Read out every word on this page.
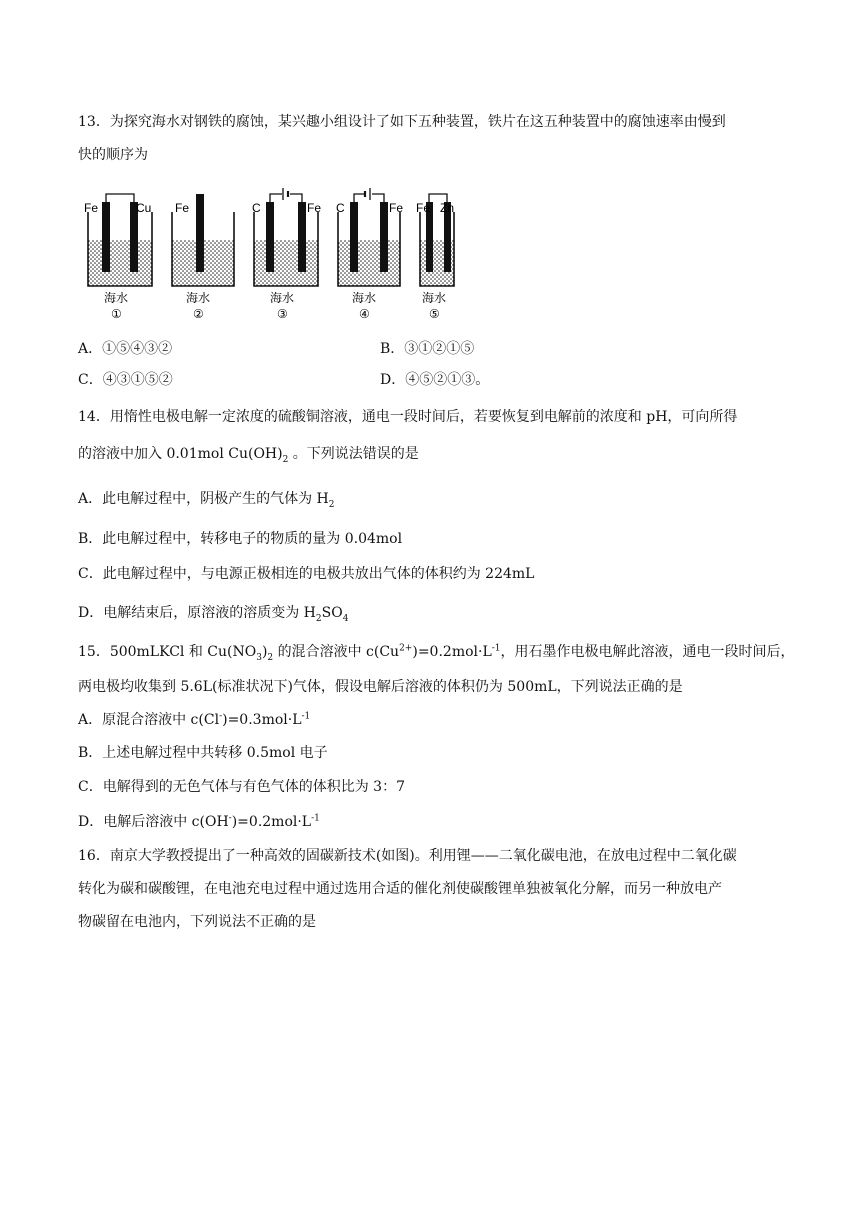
13．为探究海水对钢铁的腐蚀，某兴趣小组设计了如下五种装置，铁片在这五种装置中的腐蚀速率由慢到
快的顺序为
Fe	Cu
海水
①
Fe
海水
②
C	Fe
海水
③
C	Fe
海水
④
Fe Zn
海水
⑤
A．①⑤④③②	B．③①②①⑤
C．④③①⑤②	D．④⑤②①③。
14．用惰性电极电解一定浓度的硫酸铜溶液，通电一段时间后，若要恢复到电解前的浓度和 pH，可向所得
的溶液中加入 0.01mol $Cu(OH)_2$ 。下列说法错误的是
A．此电解过程中，阴极产生的气体为 $H_2$
B．此电解过程中，转移电子的物质的量为 0.04mol
C．此电解过程中，与电源正极相连的电极共放出气体的体积约为 224mL
D．电解结束后，原溶液的溶质变为 $H_2SO_4$
15．500mLKCl 和 $Cu(NO_3)_2$ 的混合溶液中 $c(Cu^{2+})=0.2mol\cdot L^{-1}$，用石墨作电极电解此溶液，通电一段时间后，
两电极均收集到 5.6L(标准状况下)气体，假设电解后溶液的体积仍为 500mL，下列说法正确的是
A．原混合溶液中 $c(Cl^-)=0.3mol\cdot L^{-1}$
B．上述电解过程中共转移 0.5mol 电子
C．电解得到的无色气体与有色气体的体积比为 3：7
D．电解后溶液中 $c(OH^-)=0.2mol\cdot L^{-1}$
16．南京大学教授提出了一种高效的固碳新技术(如图)。利用锂——二氧化碳电池，在放电过程中二氧化碳
转化为碳和碳酸锂，在电池充电过程中通过选用合适的催化剂使碳酸锂单独被氧化分解，而另一种放电产
物碳留在电池内，下列说法不正确的是
